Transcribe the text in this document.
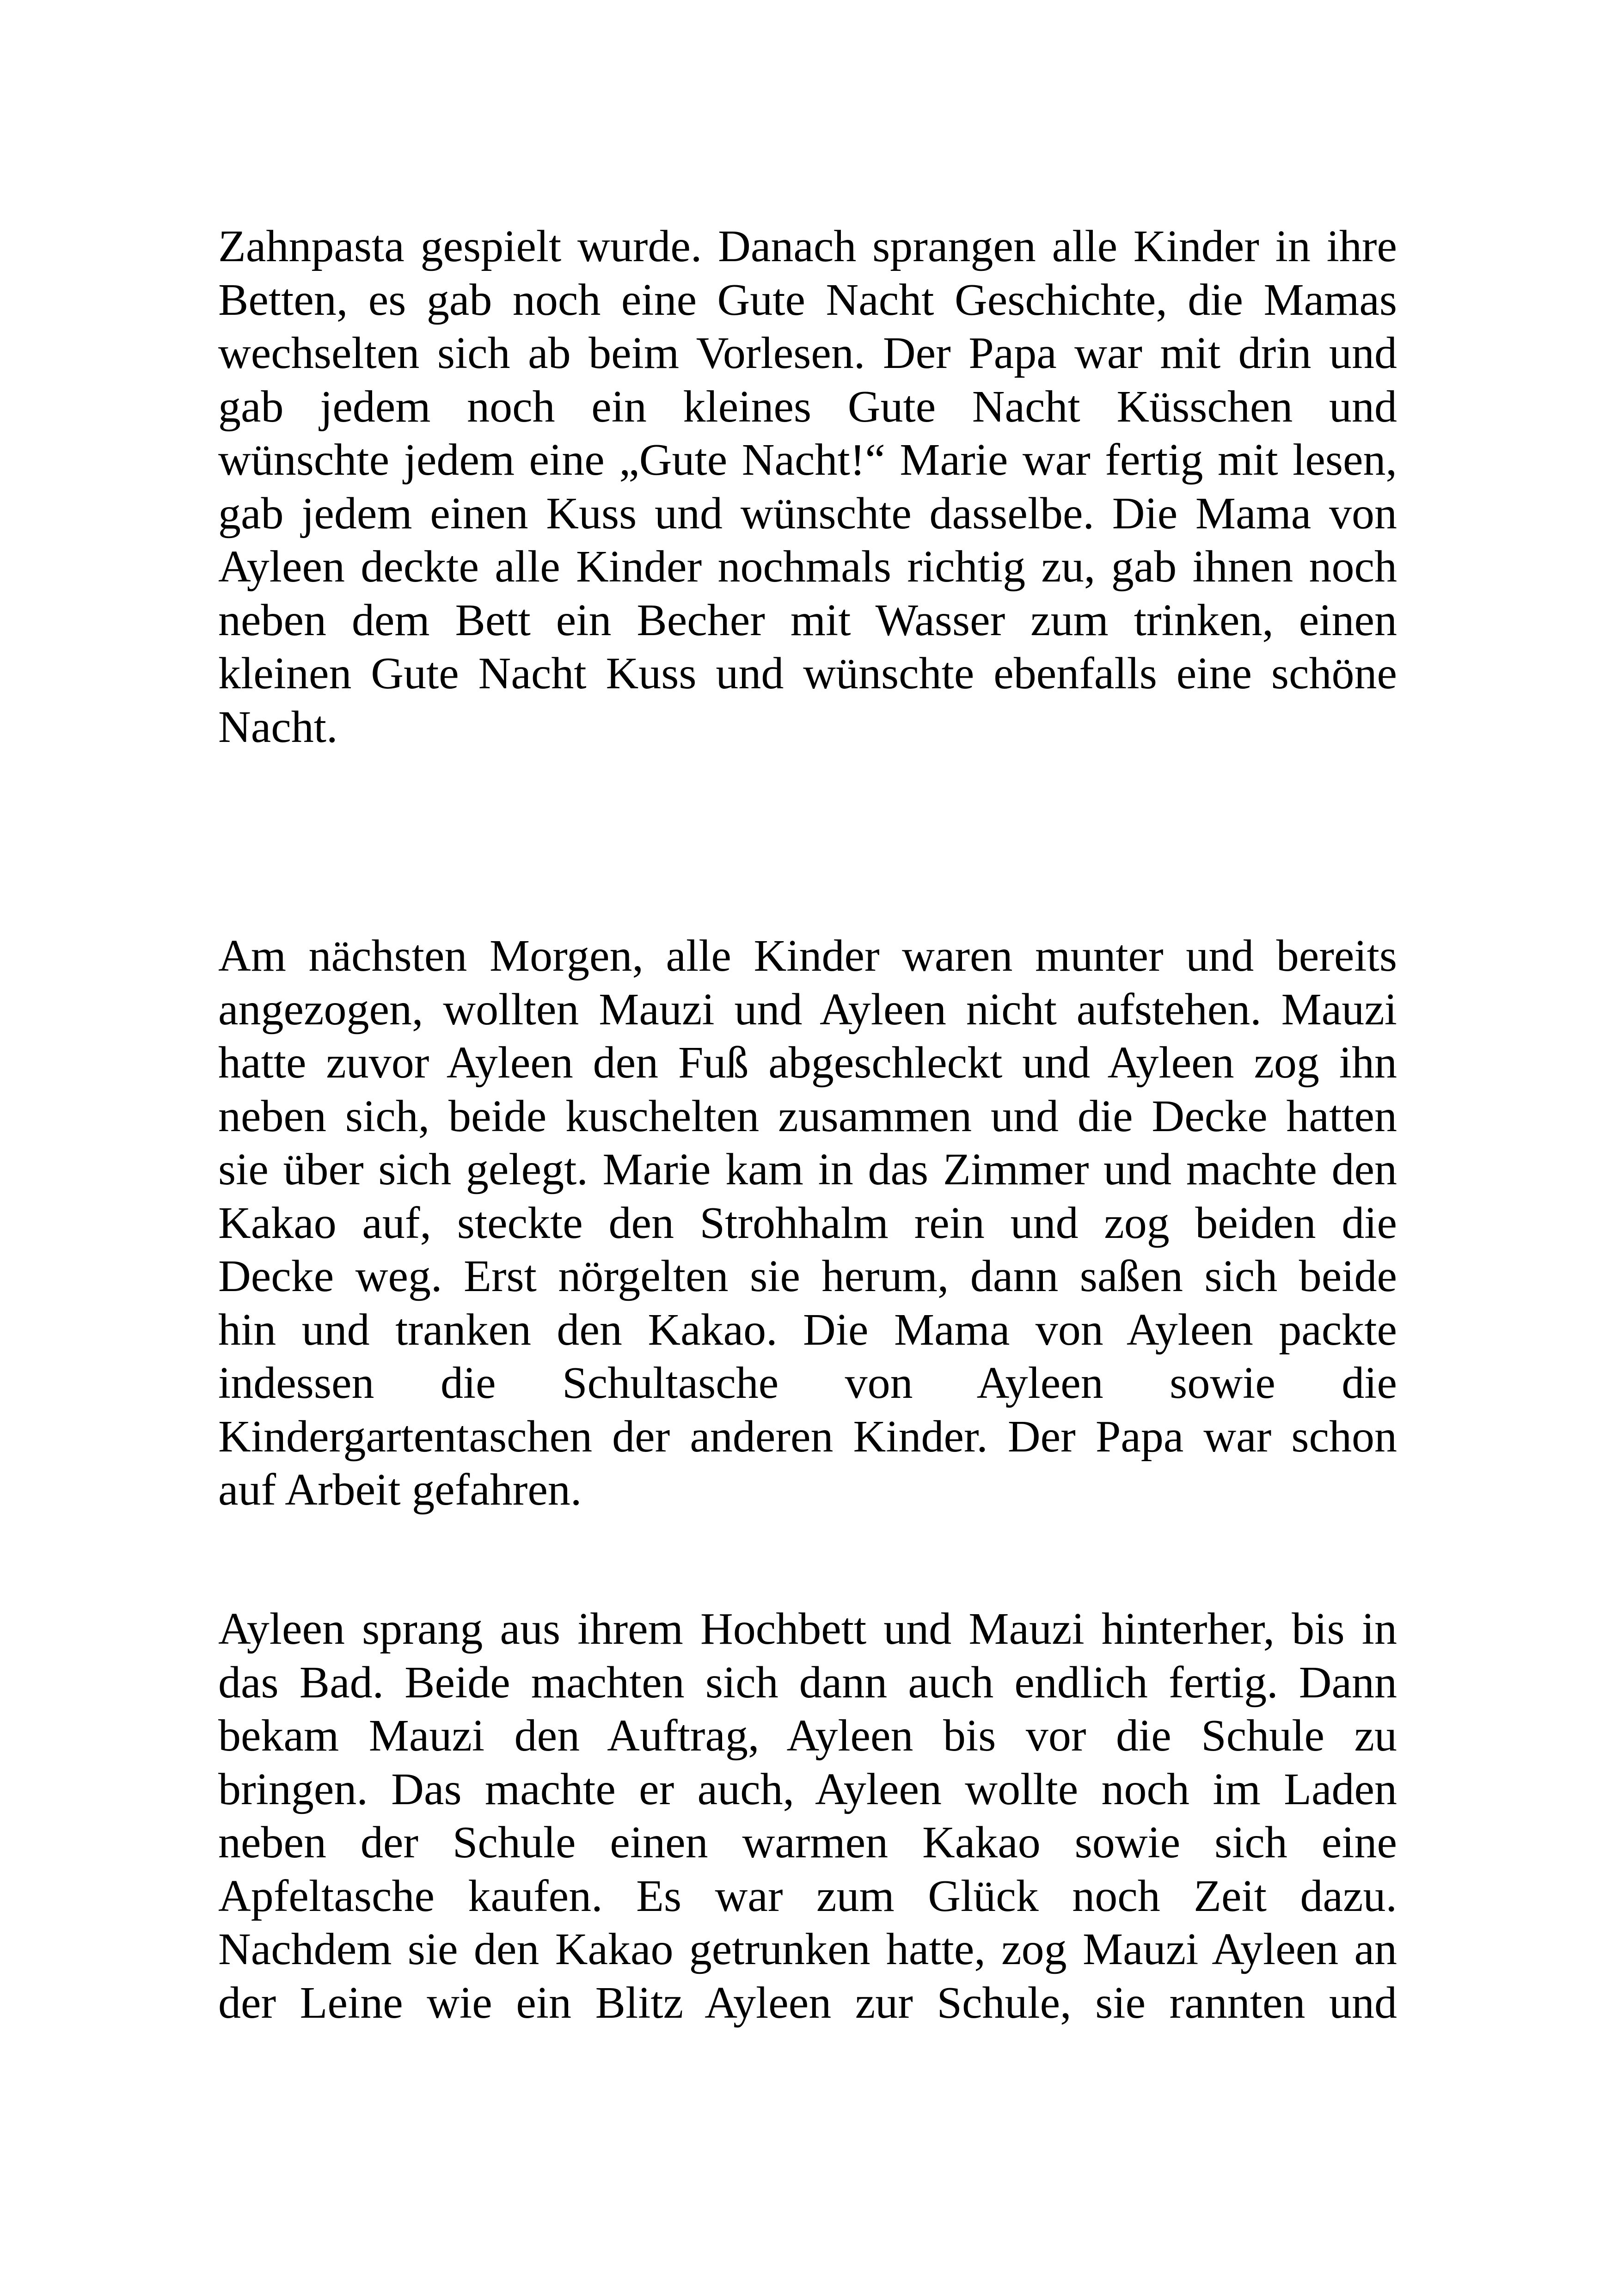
Zahnpasta gespielt wurde. Danach sprangen alle Kinder in ihre
Betten, es gab noch eine Gute Nacht Geschichte, die Mamas
wechselten sich ab beim Vorlesen. Der Papa war mit drin und
gab jedem noch ein kleines Gute Nacht Küsschen und
wünschte jedem eine „Gute Nacht!“ Marie war fertig mit lesen,
gab jedem einen Kuss und wünschte dasselbe. Die Mama von
Ayleen deckte alle Kinder nochmals richtig zu, gab ihnen noch
neben dem Bett ein Becher mit Wasser zum trinken, einen
kleinen Gute Nacht Kuss und wünschte ebenfalls eine schöne
Nacht.
Am nächsten Morgen, alle Kinder waren munter und bereits
angezogen, wollten Mauzi und Ayleen nicht aufstehen. Mauzi
hatte zuvor Ayleen den Fuß abgeschleckt und Ayleen zog ihn
neben sich, beide kuschelten zusammen und die Decke hatten
sie über sich gelegt. Marie kam in das Zimmer und machte den
Kakao auf, steckte den Strohhalm rein und zog beiden die
Decke weg. Erst nörgelten sie herum, dann saßen sich beide
hin und tranken den Kakao. Die Mama von Ayleen packte
indessen die Schultasche von Ayleen sowie die
Kindergartentaschen der anderen Kinder. Der Papa war schon
auf Arbeit gefahren.
Ayleen sprang aus ihrem Hochbett und Mauzi hinterher, bis in
das Bad. Beide machten sich dann auch endlich fertig. Dann
bekam Mauzi den Auftrag, Ayleen bis vor die Schule zu
bringen. Das machte er auch, Ayleen wollte noch im Laden
neben der Schule einen warmen Kakao sowie sich eine
Apfeltasche kaufen. Es war zum Glück noch Zeit dazu.
Nachdem sie den Kakao getrunken hatte, zog Mauzi Ayleen an
der Leine wie ein Blitz Ayleen zur Schule, sie rannten und
